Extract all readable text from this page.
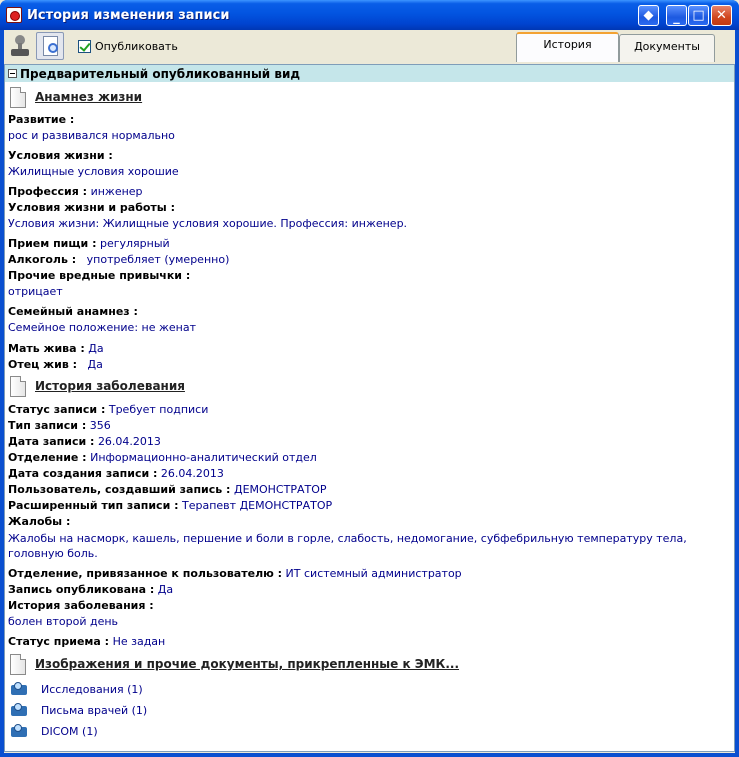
История изменения записи	◆	_ □ ✕
Опубликовать	История	Документы
Предварительный опубликованный вид
Анамнез жизни
Развитие :
рос и развивался нормально
Условия жизни :
Жилищные условия хорошие
Профессия : инженер
Условия жизни и работы :
Условия жизни: Жилищные условия хорошие. Профессия: инженер.
Прием пищи : регулярный
Алкоголь : употребляет (умеренно)
Прочие вредные привычки :
отрицает
Семейный анамнез :
Семейное положение: не женат
Мать жива : Да
Отец жив : Да
История заболевания
Статус записи : Требует подписи
Тип записи : 356
Дата записи : 26.04.2013
Отделение : Информационно-аналитический отдел
Дата создания записи : 26.04.2013
Пользователь, создавший запись : ДЕМОНСТРАТОР
Расширенный тип записи : Терапевт ДЕМОНСТРАТОР
Жалобы :
Жалобы на насморк, кашель, першение и боли в горле, слабость, недомогание, субфебрильную температуру тела, головную боль.
Отделение, привязанное к пользователю : ИТ системный администратор
Запись опубликована : Да
История заболевания :
болен второй день
Статус приема : Не задан
Изображения и прочие документы, прикрепленные к ЭМК...
Исследования (1)
Письма врачей (1)
DICOM (1)
